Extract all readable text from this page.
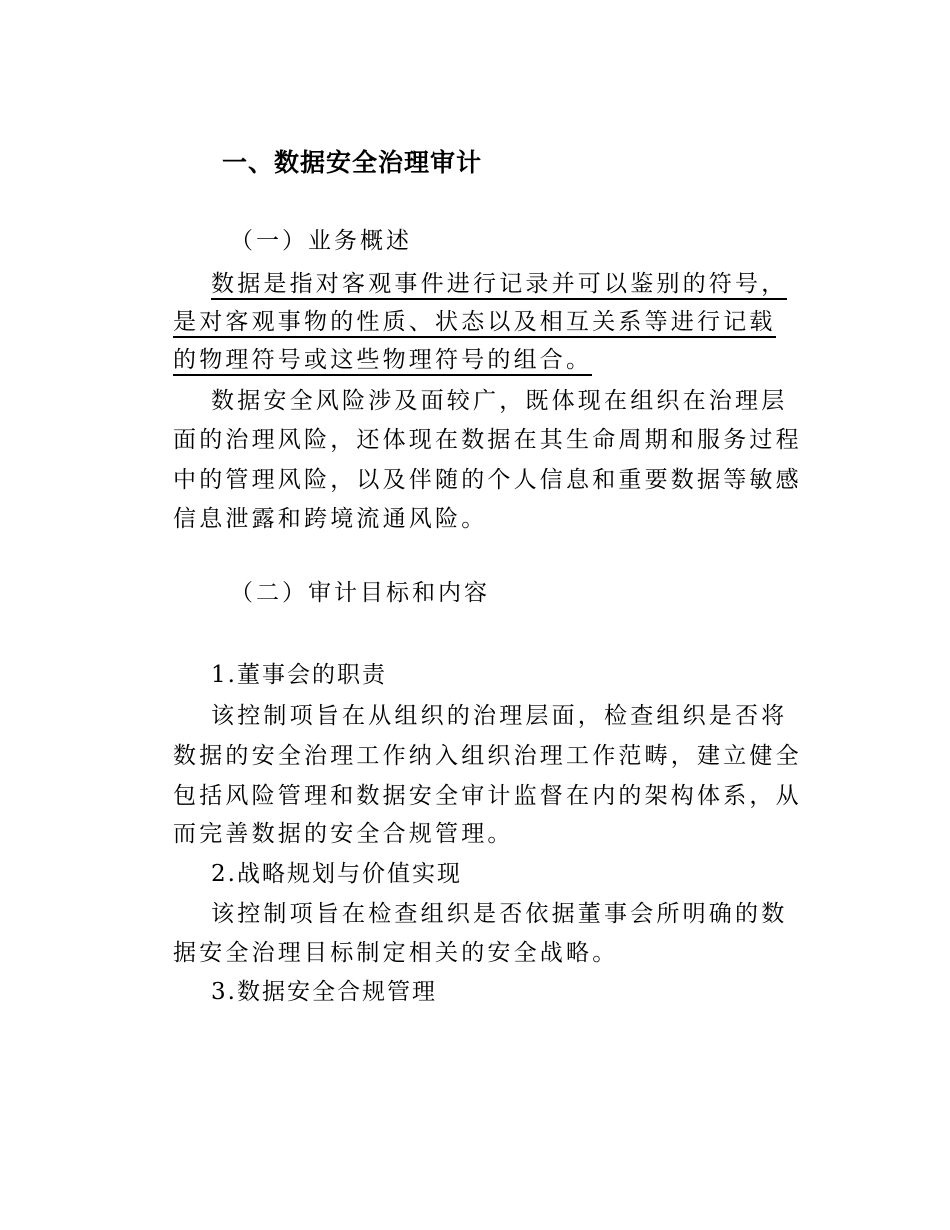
一、数据安全治理审计
（一）业务概述
数据是指对客观事件进行记录并可以鉴别的符号，
是对客观事物的性质、状态以及相互关系等进行记载
的物理符号或这些物理符号的组合。
数据安全风险涉及面较广，既体现在组织在治理层
面的治理风险，还体现在数据在其生命周期和服务过程
中的管理风险，以及伴随的个人信息和重要数据等敏感
信息泄露和跨境流通风险。
（二）审计目标和内容
1.董事会的职责
该控制项旨在从组织的治理层面，检查组织是否将
数据的安全治理工作纳入组织治理工作范畴，建立健全
包括风险管理和数据安全审计监督在内的架构体系，从
而完善数据的安全合规管理。
2.战略规划与价值实现
该控制项旨在检查组织是否依据董事会所明确的数
据安全治理目标制定相关的安全战略。
3.数据安全合规管理
